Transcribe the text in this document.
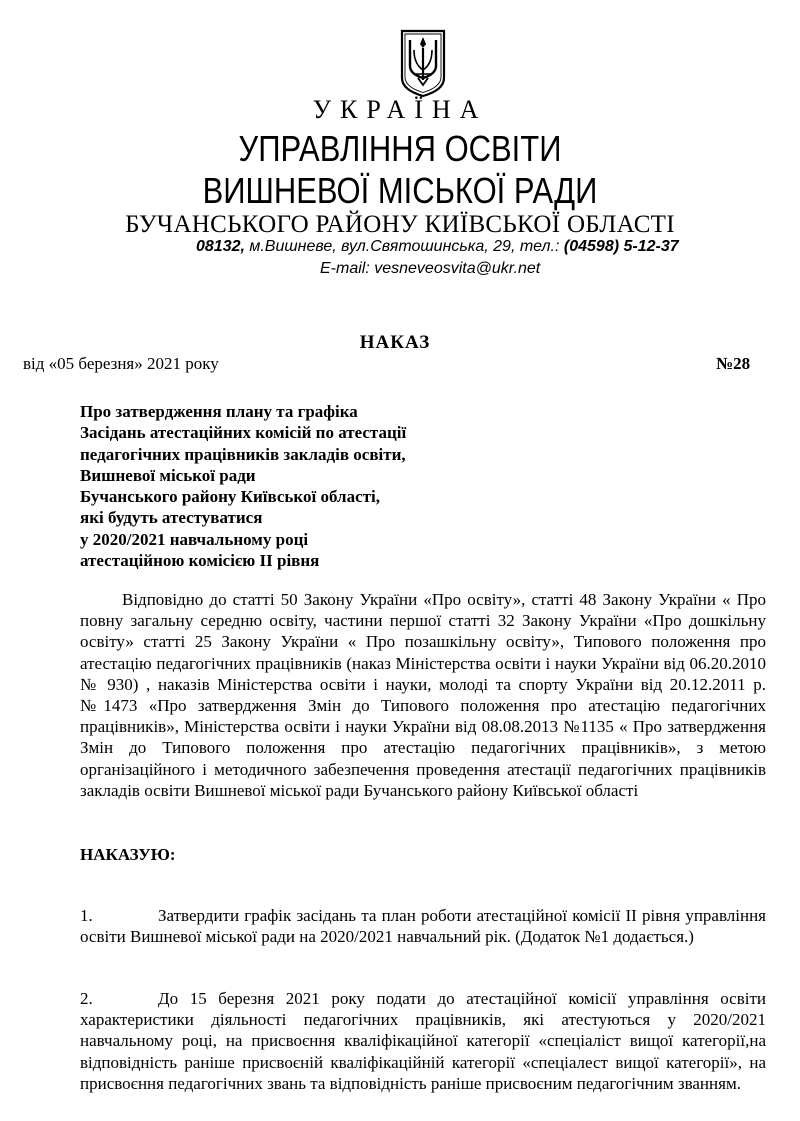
УКРАЇНА
УПРАВЛІННЯ ОСВІТИ
ВИШНЕВОЇ МІСЬКОЇ РАДИ
БУЧАНСЬКОГО РАЙОНУ КИЇВСЬКОЇ ОБЛАСТІ
08132, м.Вишневе, вул.Святошинська, 29, тел.: (04598) 5-12-37
E-mail: vesneveosvita@ukr.net
НАКАЗ
від «05 березня» 2021 року	№28
Про затвердження плану та графіка
Засідань атестаційних комісій по атестації
педагогічних працівників закладів освіти,
Вишневої міської ради
Бучанського району Київської області,
які будуть атестуватися
у 2020/2021 навчальному році
атестаційною комісією ІІ рівня
Відповідно до статті 50 Закону України «Про освіту», статті 48 Закону України « Про повну загальну середню освіту, частини першої статті 32 Закону України «Про дошкільну освіту» статті 25 Закону України « Про позашкільну освіту», Типового положення про атестацію педагогічних працівників (наказ Міністерства освіти і науки України від 06.20.2010 № 930) , наказів Міністерства освіти і науки, молоді та спорту України від 20.12.2011 р. №1473 «Про затвердження Змін до Типового положення про атестацію педагогічних працівників», Міністерства освіти і науки України від 08.08.2013 №1135 « Про затвердження Змін до Типового положення про атестацію педагогічних працівників», з метою організаційного і методичного забезпечення проведення атестації педагогічних працівників закладів освіти Вишневої міської ради Бучанського району Київської області
НАКАЗУЮ:
1.	Затвердити графік засідань та план роботи атестаційної комісії ІІ рівня управління освіти Вишневої міської ради на 2020/2021 навчальний рік. (Додаток №1 додається.)
2.	До 15 березня 2021 року подати до атестаційної комісії управління освіти характеристики діяльності педагогічних працівників, які атестуються у 2020/2021 навчальному році, на присвоєння кваліфікаційної категорії «спеціаліст вищої категорії,на відповідність раніше присвоєній кваліфікаційній категорії «спеціалест вищої категорії», на присвоєння педагогічних звань та відповідність раніше присвоєним педагогічним званням.
